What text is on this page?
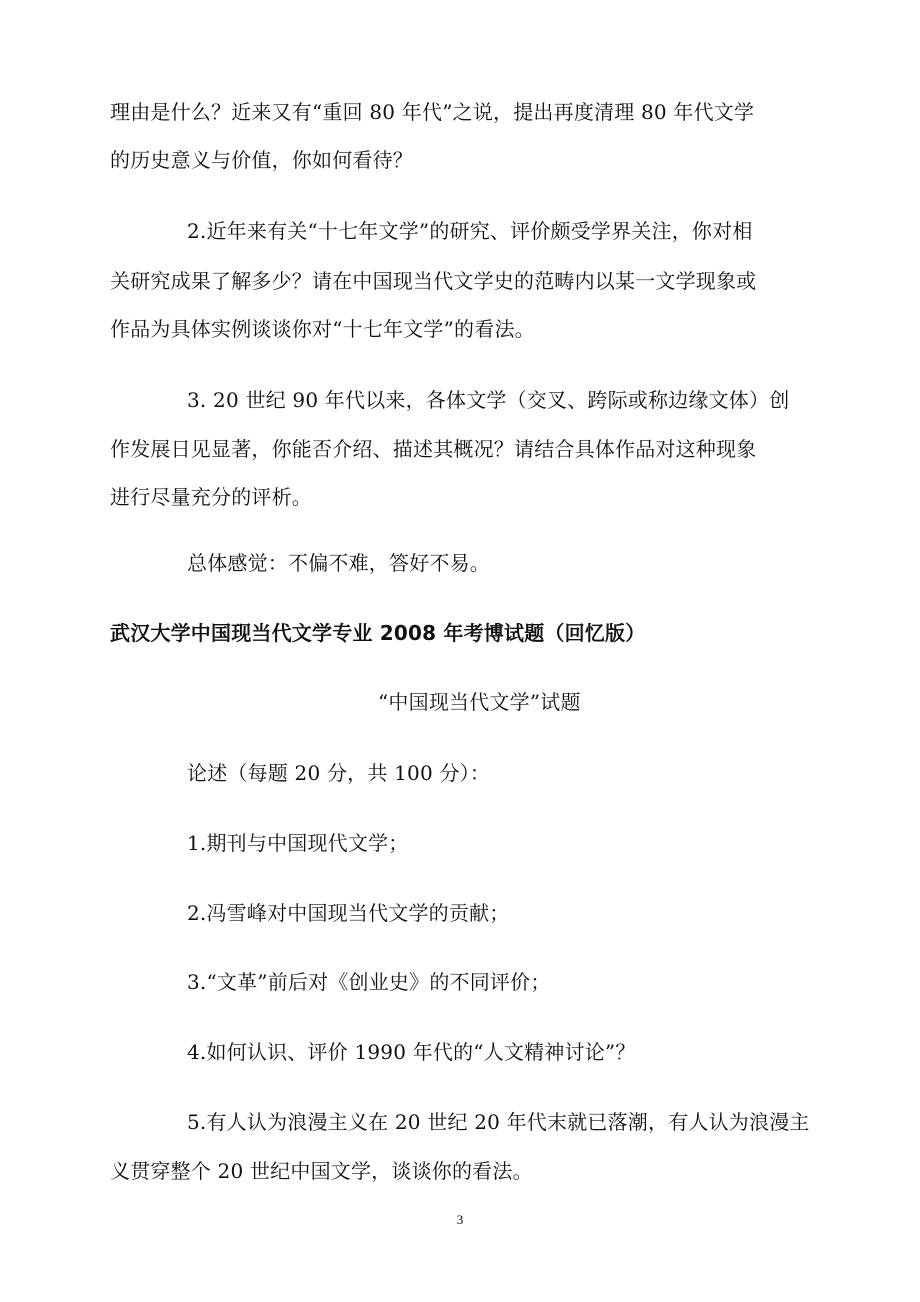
理由是什么？近来又有“重回 80 年代”之说，提出再度清理 80 年代文学
的历史意义与价值，你如何看待？
2.近年来有关“十七年文学”的研究、评价颇受学界关注，你对相
关研究成果了解多少？请在中国现当代文学史的范畴内以某一文学现象或
作品为具体实例谈谈你对“十七年文学”的看法。
3. 20 世纪 90 年代以来，各体文学（交叉、跨际或称边缘文体）创
作发展日见显著，你能否介绍、描述其概况？请结合具体作品对这种现象
进行尽量充分的评析。
总体感觉：不偏不难，答好不易。
武汉大学中国现当代文学专业 2008 年考博试题（回忆版）
“中国现当代文学”试题
论述（每题 20 分，共 100 分）：
1.期刊与中国现代文学；
2.冯雪峰对中国现当代文学的贡献；
3.“文革”前后对《创业史》的不同评价；
4.如何认识、评价 1990 年代的“人文精神讨论”？
5.有人认为浪漫主义在 20 世纪 20 年代末就已落潮，有人认为浪漫主
义贯穿整个 20 世纪中国文学，谈谈你的看法。
3
